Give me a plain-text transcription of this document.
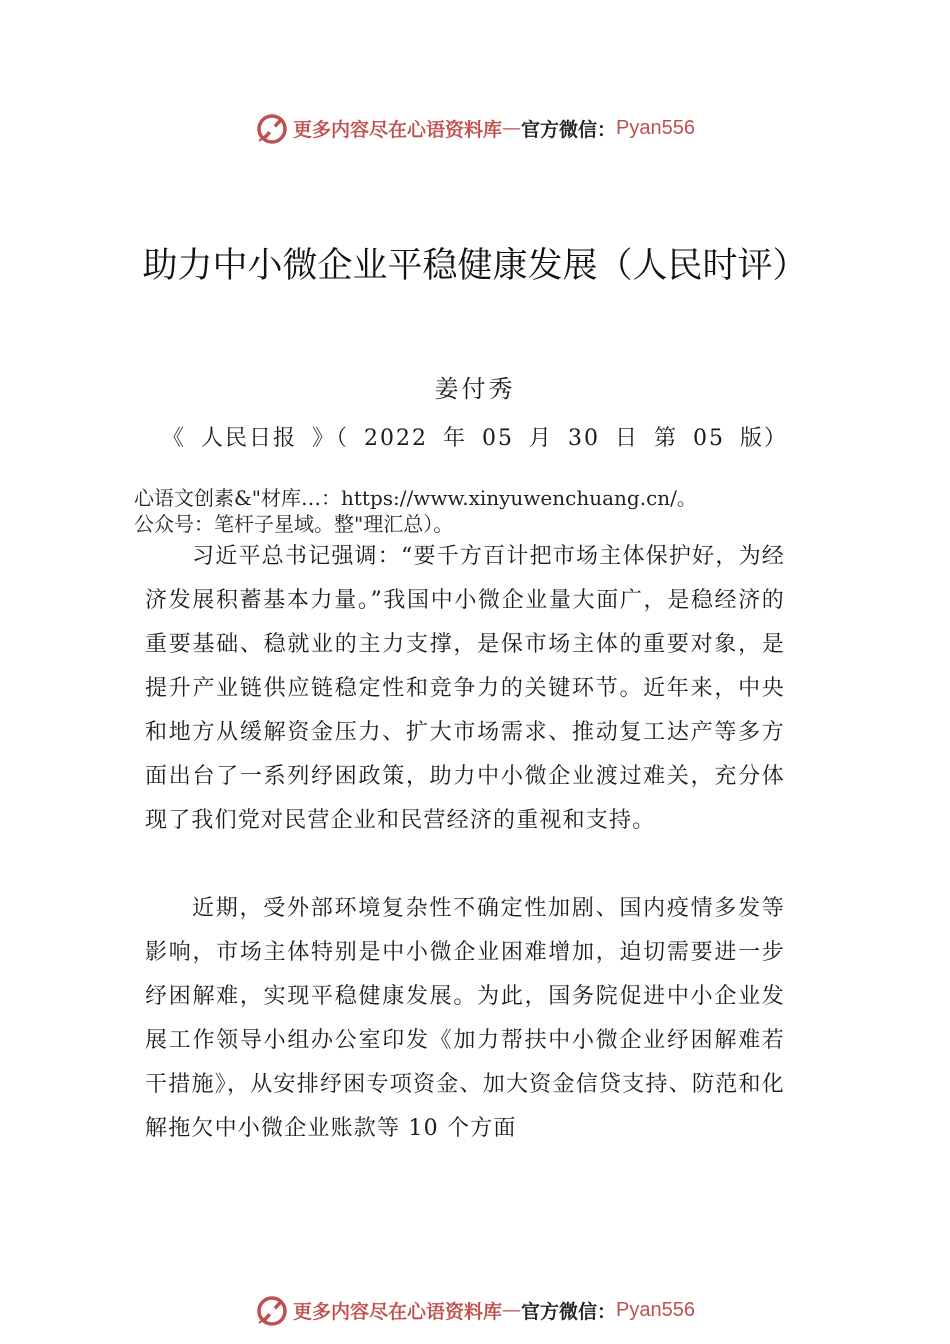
更多内容尽在心语资料库 — 官方微信： Pyan556
助力中小微企业平稳健康发展（人民时评）
姜付秀
《 人民日报 》（ 2022 年 05 月 30 日 第 05 版）
心语文创素&"材库…：https://www.xinyuwenchuang.cn/。
公众号：笔杆子星域。整"理汇总）。

习近平总书记强调：“要千方百计把市场主体保护好，为经济发展积蓄基本力量。”我国中小微企业量大面广，是稳经济的重要基础、稳就业的主力支撑，是保市场主体的重要对象，是提升产业链供应链稳定性和竞争力的关键环节。近年来，中央和地方从缓解资金压力、扩大市场需求、推动复工达产等多方面出台了一系列纾困政策，助力中小微企业渡过难关，充分体现了我们党对民营企业和民营经济的重视和支持。

近期，受外部环境复杂性不确定性加剧、国内疫情多发等影响，市场主体特别是中小微企业困难增加，迫切需要进一步纾困解难，实现平稳健康发展。为此，国务院促进中小企业发展工作领导小组办公室印发《加力帮扶中小微企业纾困解难若干措施》，从安排纾困专项资金、加大资金信贷支持、防范和化解拖欠中小微企业账款等 10 个方面

更多内容尽在心语资料库 — 官方微信： Pyan556
